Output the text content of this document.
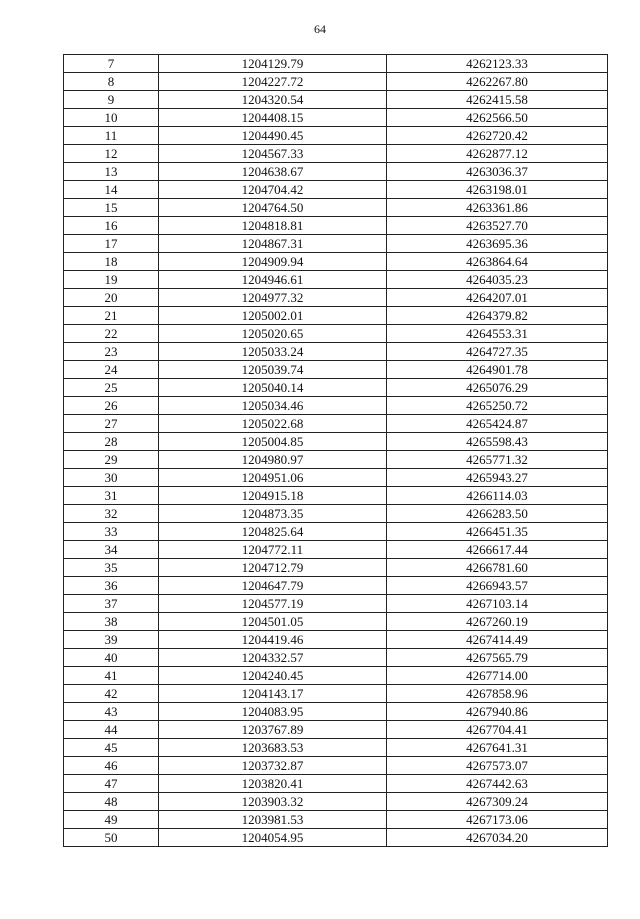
64
7	1204129.79	4262123.33
8	1204227.72	4262267.80
9	1204320.54	4262415.58
10	1204408.15	4262566.50
11	1204490.45	4262720.42
12	1204567.33	4262877.12
13	1204638.67	4263036.37
14	1204704.42	4263198.01
15	1204764.50	4263361.86
16	1204818.81	4263527.70
17	1204867.31	4263695.36
18	1204909.94	4263864.64
19	1204946.61	4264035.23
20	1204977.32	4264207.01
21	1205002.01	4264379.82
22	1205020.65	4264553.31
23	1205033.24	4264727.35
24	1205039.74	4264901.78
25	1205040.14	4265076.29
26	1205034.46	4265250.72
27	1205022.68	4265424.87
28	1205004.85	4265598.43
29	1204980.97	4265771.32
30	1204951.06	4265943.27
31	1204915.18	4266114.03
32	1204873.35	4266283.50
33	1204825.64	4266451.35
34	1204772.11	4266617.44
35	1204712.79	4266781.60
36	1204647.79	4266943.57
37	1204577.19	4267103.14
38	1204501.05	4267260.19
39	1204419.46	4267414.49
40	1204332.57	4267565.79
41	1204240.45	4267714.00
42	1204143.17	4267858.96
43	1204083.95	4267940.86
44	1203767.89	4267704.41
45	1203683.53	4267641.31
46	1203732.87	4267573.07
47	1203820.41	4267442.63
48	1203903.32	4267309.24
49	1203981.53	4267173.06
50	1204054.95	4267034.20
